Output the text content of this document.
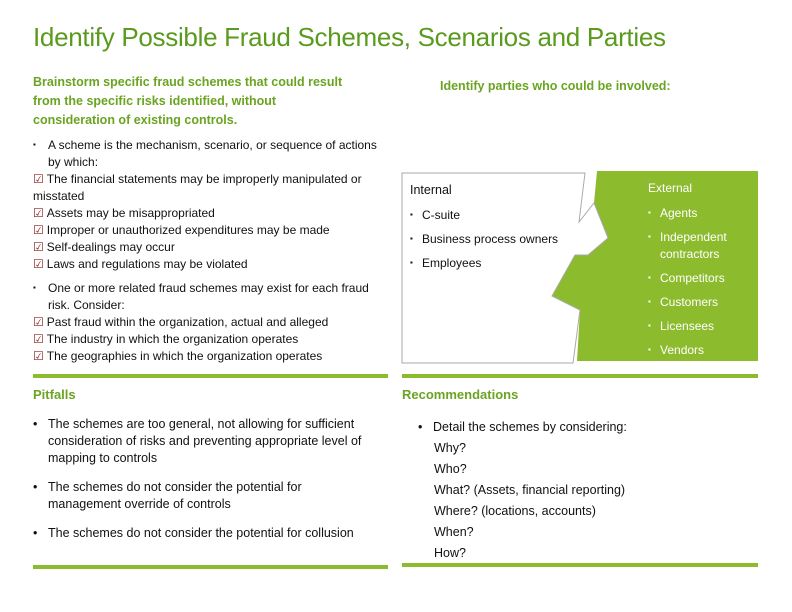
Identify Possible Fraud Schemes, Scenarios and Parties
Brainstorm specific fraud schemes that could result from the specific risks identified, without consideration of existing controls.
▪ A scheme is the mechanism, scenario, or sequence of actions by which:
☑ The financial statements may be improperly manipulated or misstated
☑ Assets may be misappropriated
☑ Improper or unauthorized expenditures may be made
☑ Self-dealings may occur
☑ Laws and regulations may be violated
▪ One or more related fraud schemes may exist for each fraud risk. Consider:
☑ Past fraud within the organization, actual and alleged
☑ The industry in which the organization operates
☑ The geographies in which the organization operates
Identify parties who could be involved:
Internal
▪ C-suite
▪ Business process owners
▪ Employees
External
▪ Agents
▪ Independent contractors
▪ Competitors
▪ Customers
▪ Licensees
▪ Vendors
Pitfalls
• The schemes are too general, not allowing for sufficient consideration of risks and preventing appropriate level of mapping to controls
• The schemes do not consider the potential for management override of controls
• The schemes do not consider the potential for collusion
Recommendations
• Detail the schemes by considering:
Why?
Who?
What? (Assets, financial reporting)
Where? (locations, accounts)
When?
How?
